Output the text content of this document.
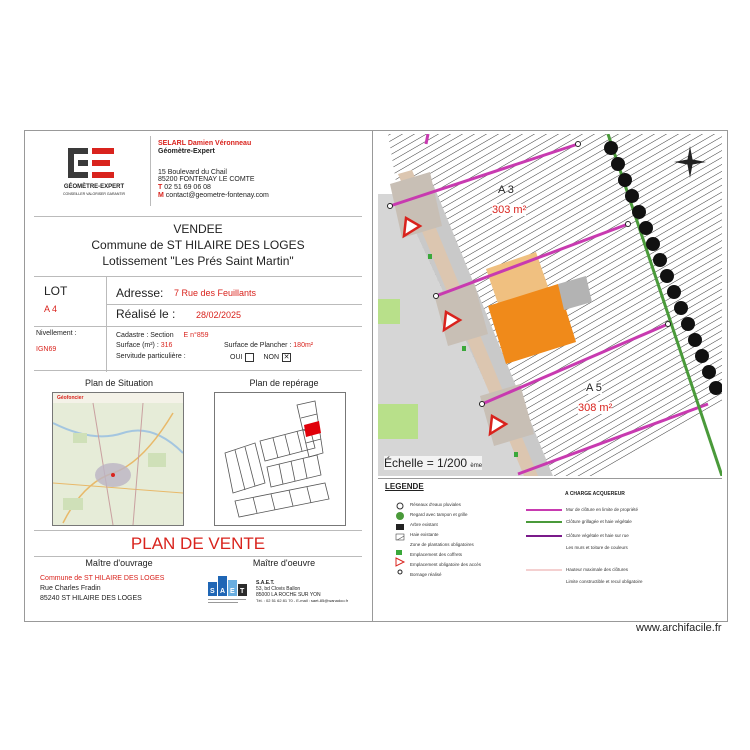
GÉOMÈTRE-EXPERT
CONSEILLER VALORISER GARANTIR
SELARL Damien Véronneau
Géomètre-Expert
15 Boulevard du Chail
85200 FONTENAY LE COMTE
T 02 51 69 06 08
M contact@geometre-fontenay.com
VENDEE
Commune de ST HILAIRE DES LOGES
Lotissement "Les Prés Saint Martin"
LOT
A 4
Adresse: 7 Rue des Feuillants
Réalisé le : 28/02/2025
Nivellement :
IGN69
Cadastre : Section E n°859
Surface (m²) : 316	Surface de Plancher : 180m²
Servitude particulière :	OUI	NON ✕
Plan de Situation	Plan de repérage
Géofoncier
PLAN DE VENTE
Maître d'ouvrage	Maître d'oeuvre
Commune de ST HILAIRE DES LOGES
Rue Charles Fradin
85240 ST HILAIRE DES LOGES
S A E T
S.A.E.T.
53, bd Clovis Ballon
85000 LA ROCHE SUR YON
Tél. : 02 51 62 81 70 - E-mail : saet-85@wanadoo.fr
A 3
303 m²
A 5
308 m²
Échelle = 1/200 ème
LEGENDE
A CHARGE ACQUEREUR
Réseaux d'eaux pluviales
Regard avec tampon et grille
Arbre existant
Haie existante
Zone de plantations obligatoires
Emplacement des coffrets
Emplacement obligatoire des accès
Bornage réalisé
Mur de clôture en limite de propriété
Clôture grillagée et haie végétale
Clôture végétale et haie sur rue
Les murs et toiture de couleurs
Hauteur maximale des clôtures
Limite constructible et recul obligatoire
www.archifacile.fr
